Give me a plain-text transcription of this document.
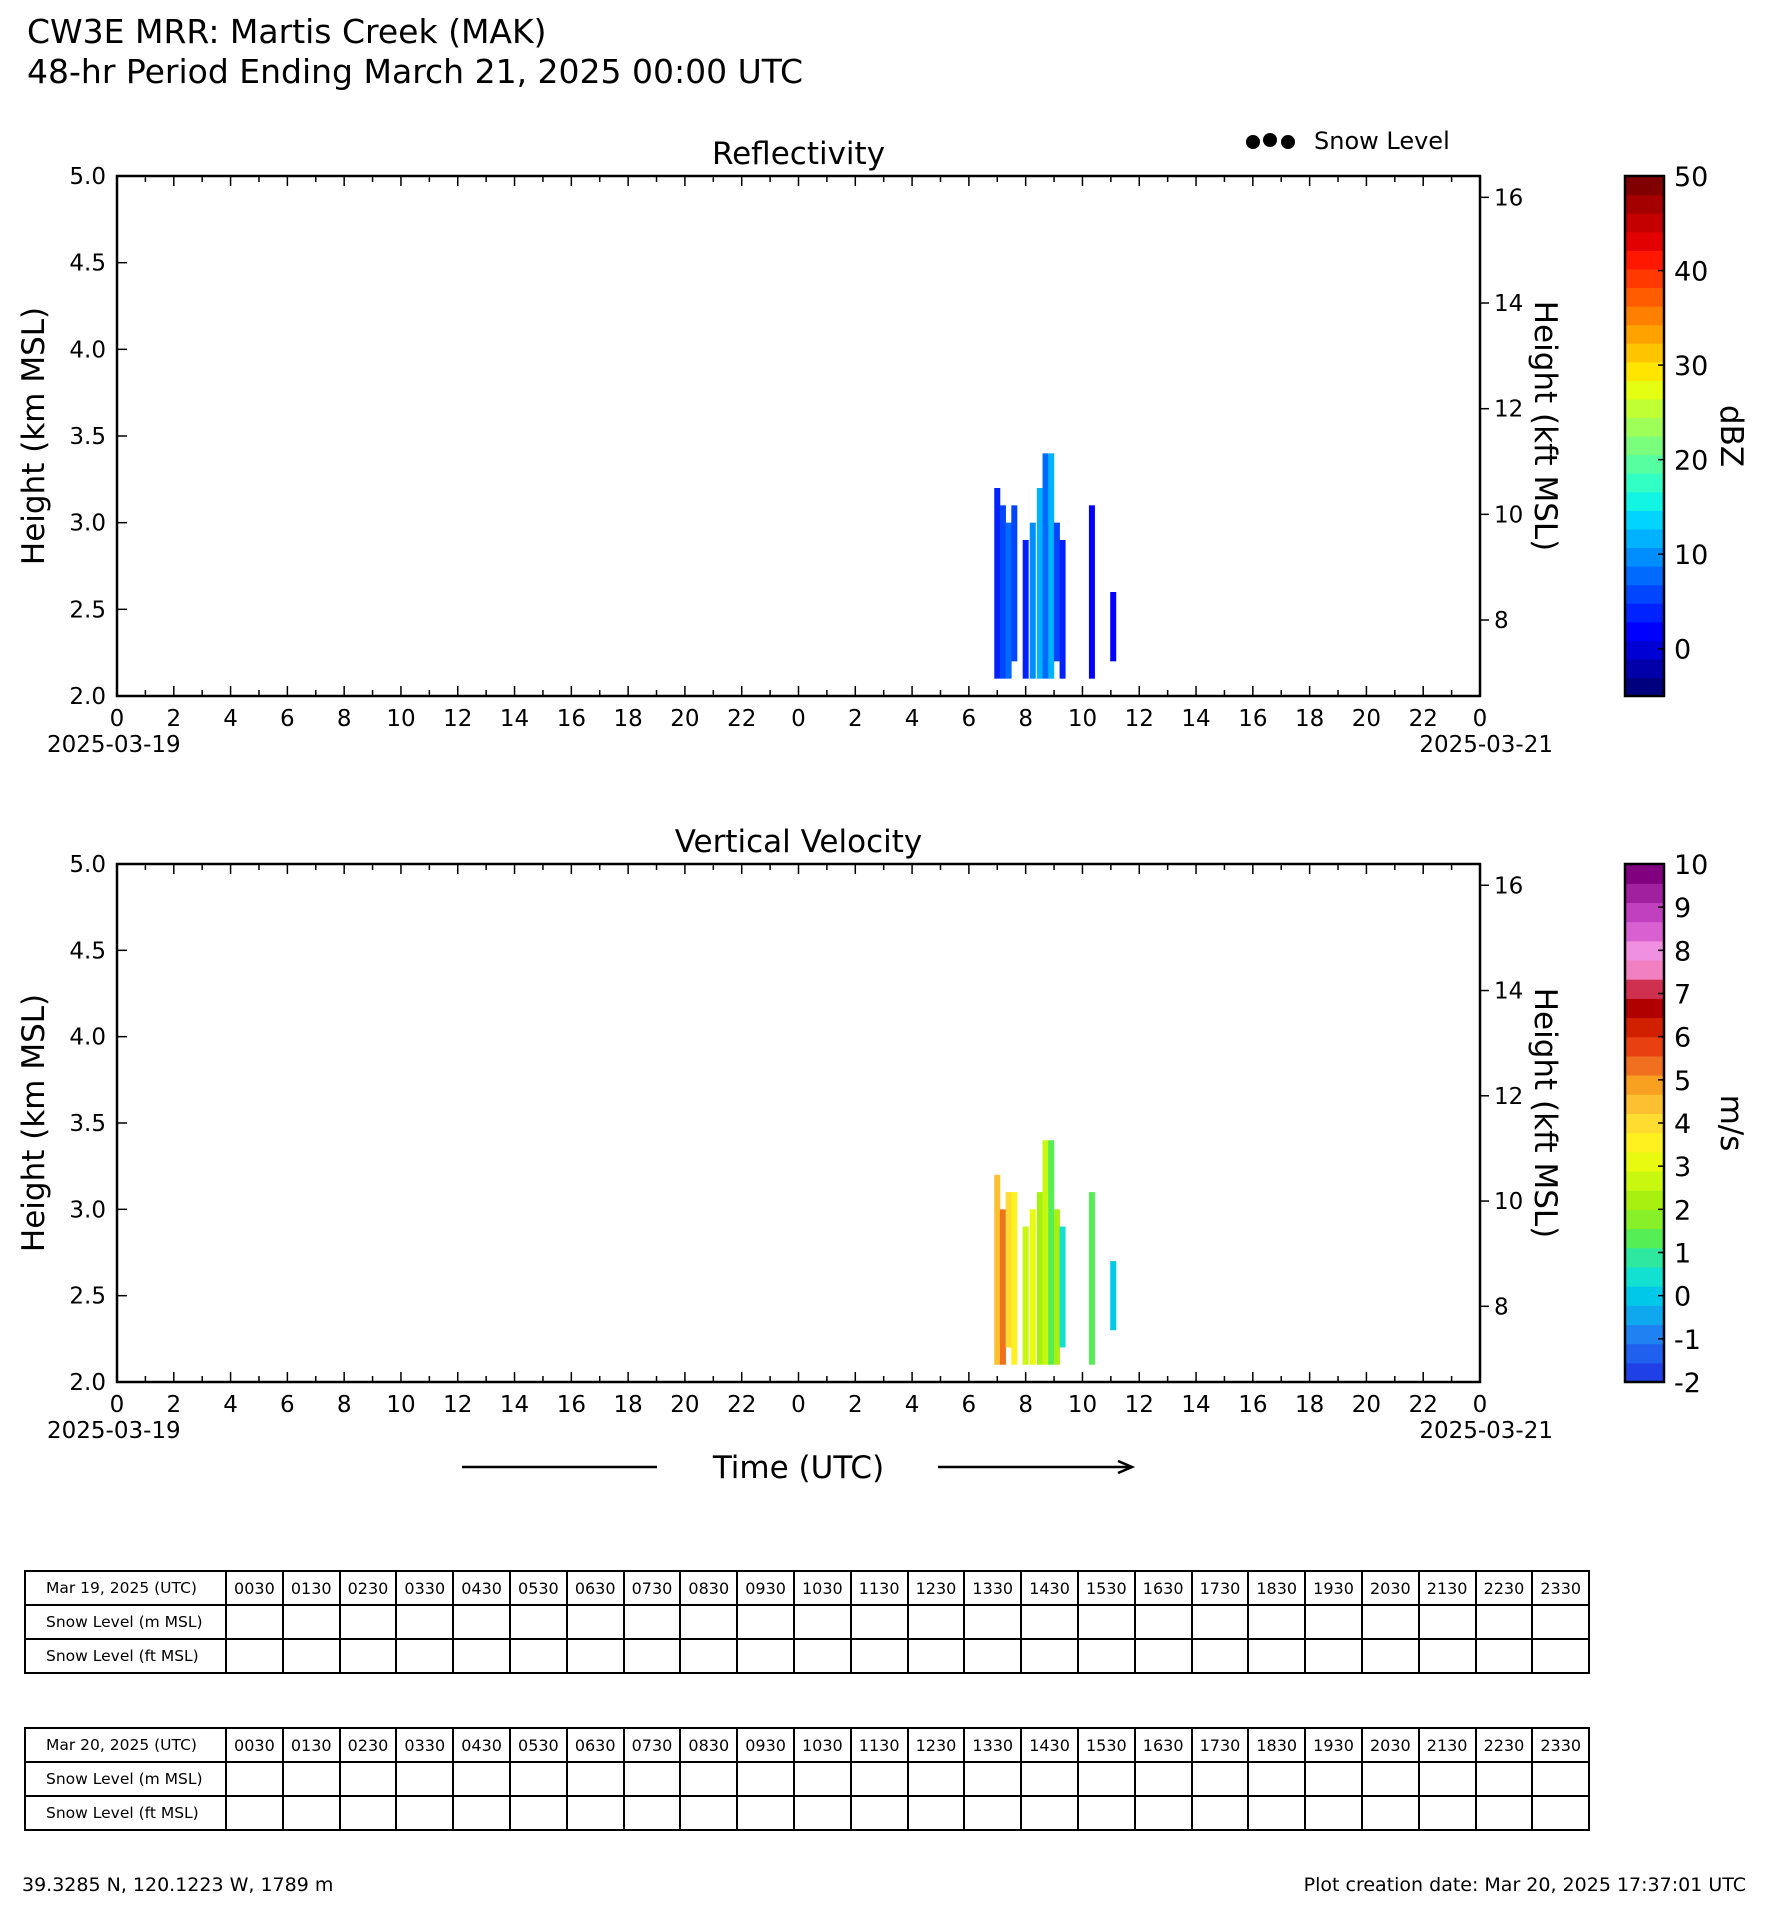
CW3E MRR: Martis Creek (MAK)
48-hr Period Ending March 21, 2025 00:00 UTC
Reflectivity
2.0
2.5
3.0
3.5
4.0
4.5
5.0
Height (km MSL)
8
10
12
14
16
Height (kft MSL)
0 2 4 6 8 10 12 14 16 18 20 22 0 2 4 6 8 10 12 14 16 18 20 22 0
2025-03-19	2025-03-21
0
10
20
30
40
50
dBZ
Snow Level
Vertical Velocity
2.0
2.5
3.0
3.5
4.0
4.5
5.0
Height (km MSL)
8
10
12
14
16
Height (kft MSL)
0 2 4 6 8 10 12 14 16 18 20 22 0 2 4 6 8 10 12 14 16 18 20 22 0
2025-03-19	2025-03-21
-2
-1
0
1
2
3
4
5
6
7
8
9
10
m/s
Time (UTC)
Mar 19, 2025 (UTC)	0030	0130	0230	0330	0430	0530	0630	0730	0830	0930	1030	1130	1230	1330	1430	1530	1630	1730	1830	1930	2030	2130	2230	2330
Snow Level (m MSL)																								
Snow Level (ft MSL)																								
Mar 20, 2025 (UTC)	0030	0130	0230	0330	0430	0530	0630	0730	0830	0930	1030	1130	1230	1330	1430	1530	1630	1730	1830	1930	2030	2130	2230	2330
Snow Level (m MSL)																								
Snow Level (ft MSL)																								
39.3285 N, 120.1223 W, 1789 m	Plot creation date: Mar 20, 2025 17:37:01 UTC
